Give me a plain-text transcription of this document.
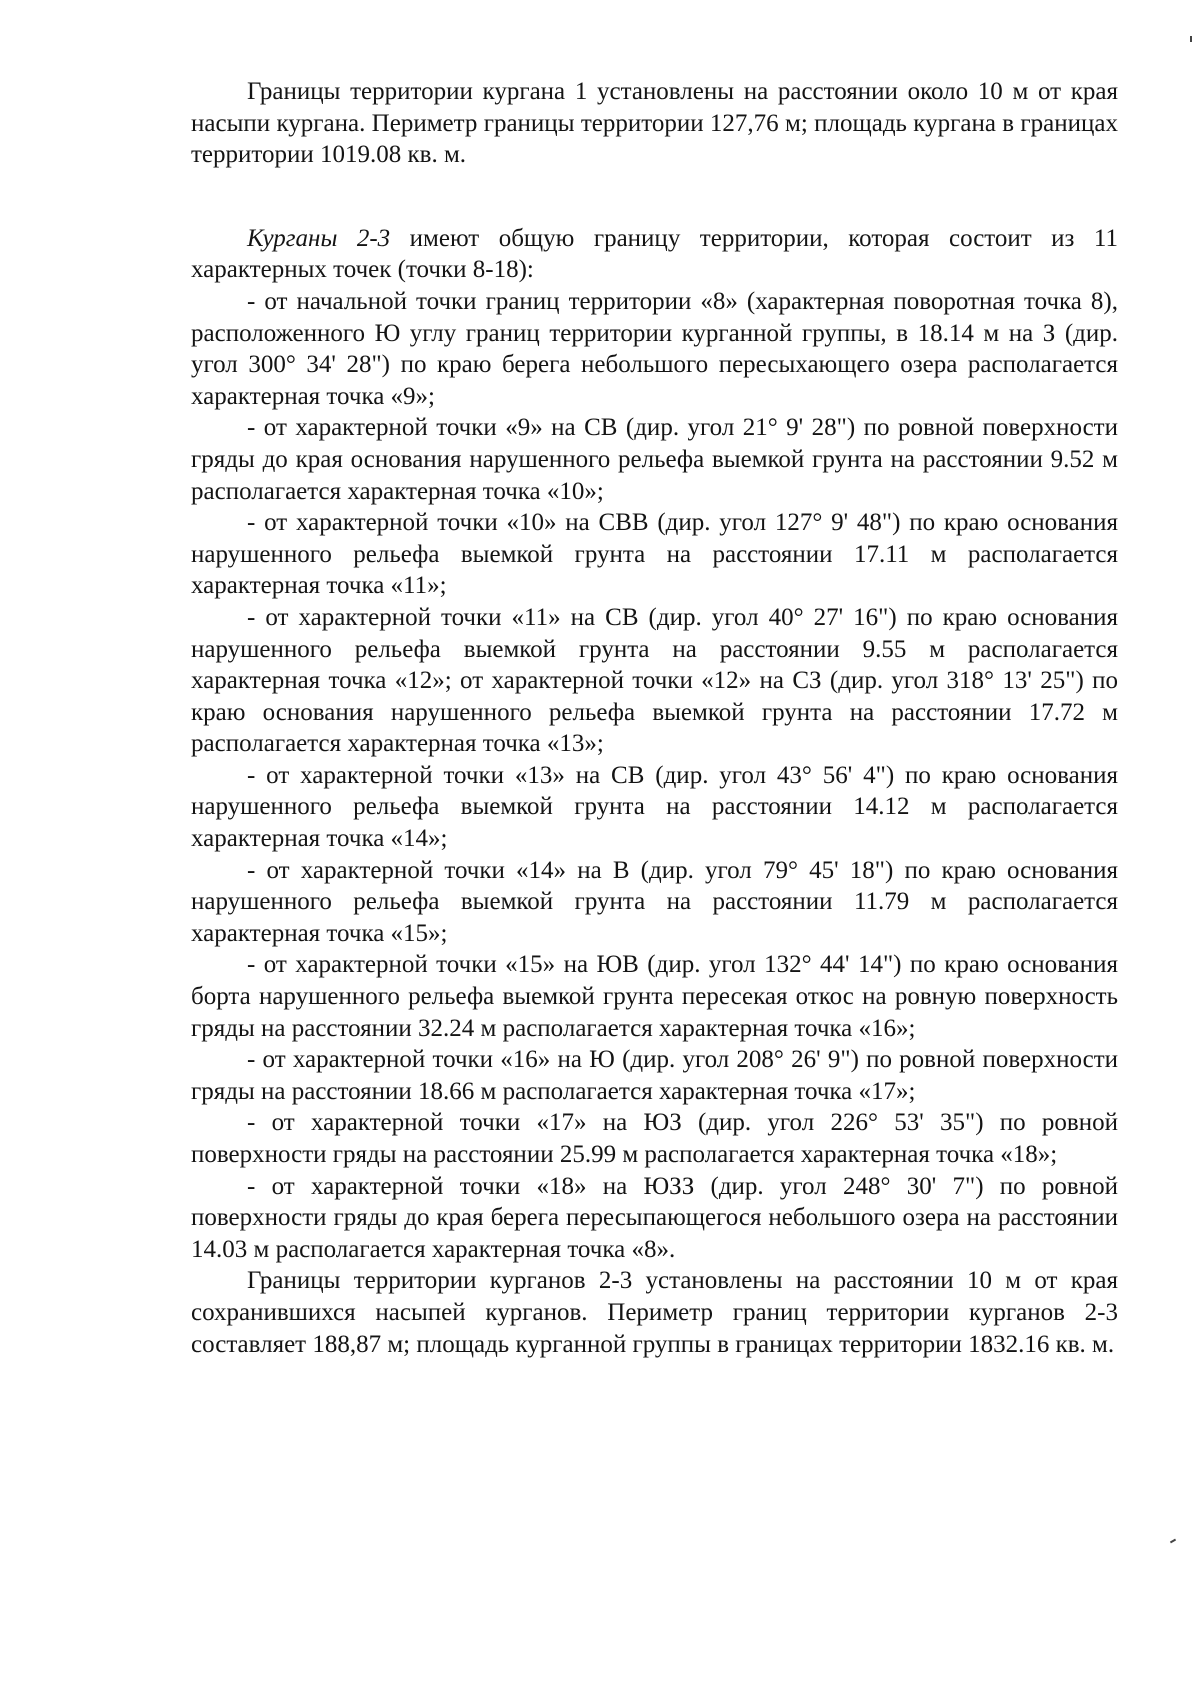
Границы территории кургана 1 установлены на расстоянии около 10 м от края насыпи кургана. Периметр границы территории 127,76 м; площадь кургана в границах территории 1019.08 кв. м.

Курганы 2-3 имеют общую границу территории, которая состоит из 11 характерных точек (точки 8-18):

- от начальной точки границ территории «8» (характерная поворотная точка 8), расположенного Ю углу границ территории курганной группы, в 18.14 м на З (дир. угол 300° 34' 28") по краю берега небольшого пересыхающего озера располагается характерная точка «9»;

- от характерной точки «9» на СВ (дир. угол 21° 9' 28") по ровной поверхности гряды до края основания нарушенного рельефа выемкой грунта на расстоянии 9.52 м располагается характерная точка «10»;

- от характерной точки «10» на СВВ (дир. угол 127° 9' 48") по краю основания нарушенного рельефа выемкой грунта на расстоянии 17.11 м располагается характерная точка «11»;

- от характерной точки «11» на СВ (дир. угол 40° 27' 16") по краю основания нарушенного рельефа выемкой грунта на расстоянии 9.55 м располагается характерная точка «12»; от характерной точки «12» на СЗ (дир. угол 318° 13' 25") по краю основания нарушенного рельефа выемкой грунта на расстоянии 17.72 м располагается характерная точка «13»;

- от характерной точки «13» на СВ (дир. угол 43° 56' 4") по краю основания нарушенного рельефа выемкой грунта на расстоянии 14.12 м располагается характерная точка «14»;

- от характерной точки «14» на В (дир. угол 79° 45' 18") по краю основания нарушенного рельефа выемкой грунта на расстоянии 11.79 м располагается характерная точка «15»;

- от характерной точки «15» на ЮВ (дир. угол 132° 44' 14") по краю основания борта нарушенного рельефа выемкой грунта пересекая откос на ровную поверхность гряды на расстоянии 32.24 м располагается характерная точка «16»;

- от характерной точки «16» на Ю (дир. угол 208° 26' 9") по ровной поверхности гряды на расстоянии 18.66 м располагается характерная точка «17»;

- от характерной точки «17» на ЮЗ (дир. угол 226° 53' 35") по ровной поверхности гряды на расстоянии 25.99 м располагается характерная точка «18»;

- от характерной точки «18» на ЮЗЗ (дир. угол 248° 30' 7") по ровной поверхности гряды до края берега пересыпающегося небольшого озера на расстоянии 14.03 м располагается характерная точка «8».

Границы территории курганов 2-3 установлены на расстоянии 10 м от края сохранившихся насыпей курганов. Периметр границ территории курганов 2-3 составляет 188,87 м; площадь курганной группы в границах территории 1832.16 кв. м.
